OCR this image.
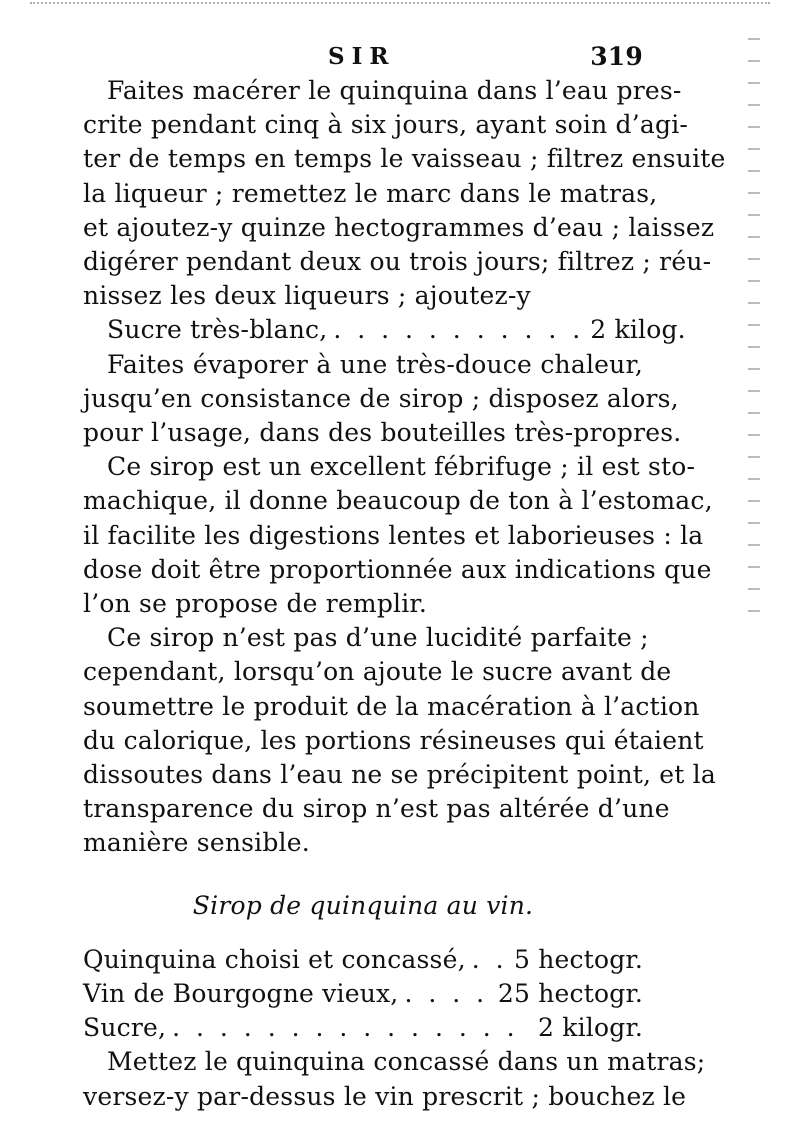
SIR	319
Faites macérer le quinquina dans l’eau pres-
crite pendant cinq à six jours, ayant soin d’agi-
ter de temps en temps le vaisseau ; filtrez ensuite
la liqueur ; remettez le marc dans le matras,
et ajoutez-y quinze hectogrammes d’eau ; laissez
digérer pendant deux ou trois jours; filtrez ; réu-
nissez les deux liqueurs ; ajoutez-y
Sucre très-blanc, . . . . . . . . . . . 2 kilog.
Faites évaporer à une très-douce chaleur,
jusqu’en consistance de sirop ; disposez alors,
pour l’usage, dans des bouteilles très-propres.
Ce sirop est un excellent fébrifuge ; il est sto-
machique, il donne beaucoup de ton à l’estomac,
il facilite les digestions lentes et laborieuses : la
dose doit être proportionnée aux indications que
l’on se propose de remplir.
Ce sirop n’est pas d’une lucidité parfaite ;
cependant, lorsqu’on ajoute le sucre avant de
soumettre le produit de la macération à l’action
du calorique, les portions résineuses qui étaient
dissoutes dans l’eau ne se précipitent point, et la
transparence du sirop n’est pas altérée d’une
manière sensible.
Sirop de quinquina au vin.
Quinquina choisi et concassé, . . 5 hectogr.
Vin de Bourgogne vieux, . . . . 25 hectogr.
Sucre, . . . . . . . . . . . . . . . 2 kilogr.
Mettez le quinquina concassé dans un matras;
versez-y par-dessus le vin prescrit ; bouchez le
